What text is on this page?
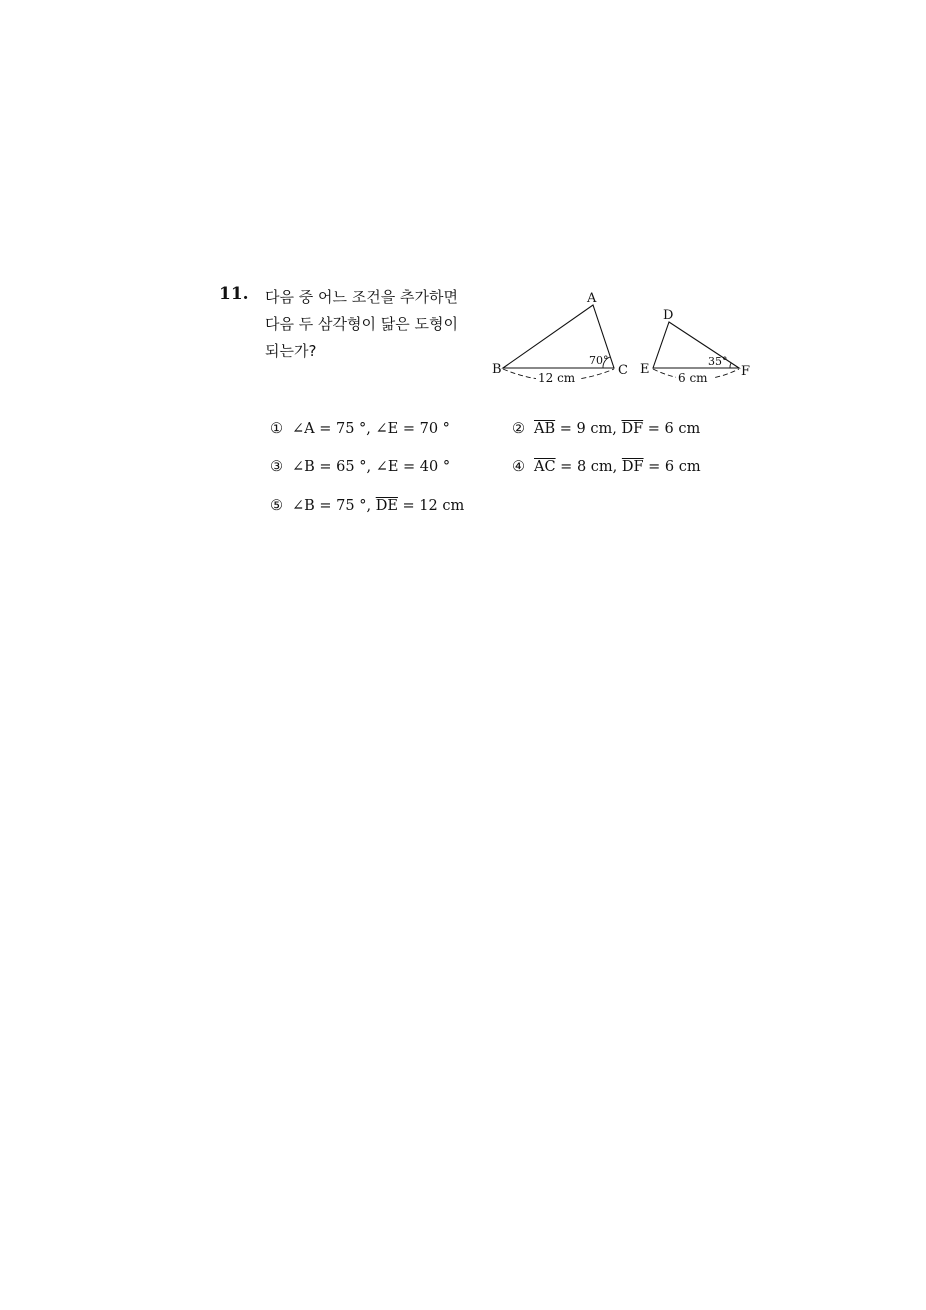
11. 다음 중 어느 조건을 추가하면
다음 두 삼각형이 닮은 도형이
되는가?
A
B	C
70°
12 cm
D
E	F
35°
6 cm
① ∠A = 75 °, ∠E = 70 °	② $\overline{AB} = 9$ cm, $\overline{DF} = 6$ cm
③ ∠B = 65 °, ∠E = 40 °	④ $\overline{AC} = 8$ cm, $\overline{DF} = 6$ cm
⑤ ∠B = 75 °, $\overline{DE} = 12$ cm
